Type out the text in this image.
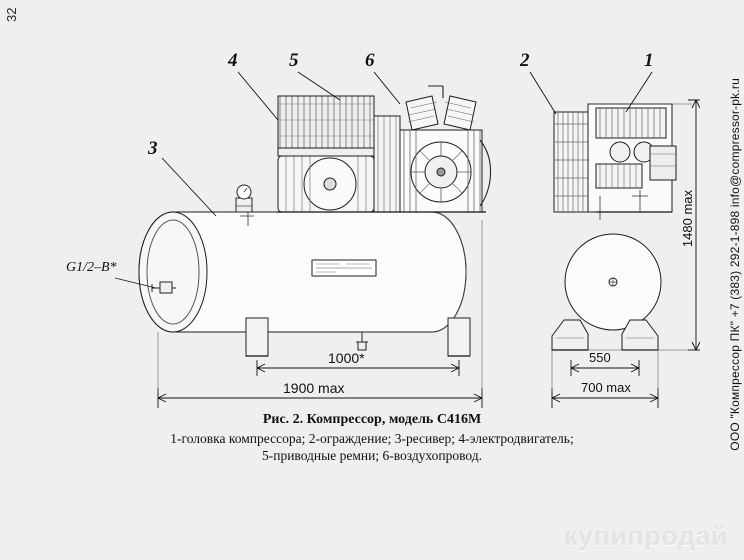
32
ООО "Компрессор ПК" +7 (383) 292-1-898 info@compressor-pk.ru
4	5	6
3
2	1
G1/2–B*
1000*
1900 max
1480 max
550
700 max
Рис. 2. Компрессор, модель С416М
1-головка компрессора; 2-ограждение; 3-ресивер; 4-электродвигатель;
5-приводные ремни; 6-воздухопровод.
купипродай
